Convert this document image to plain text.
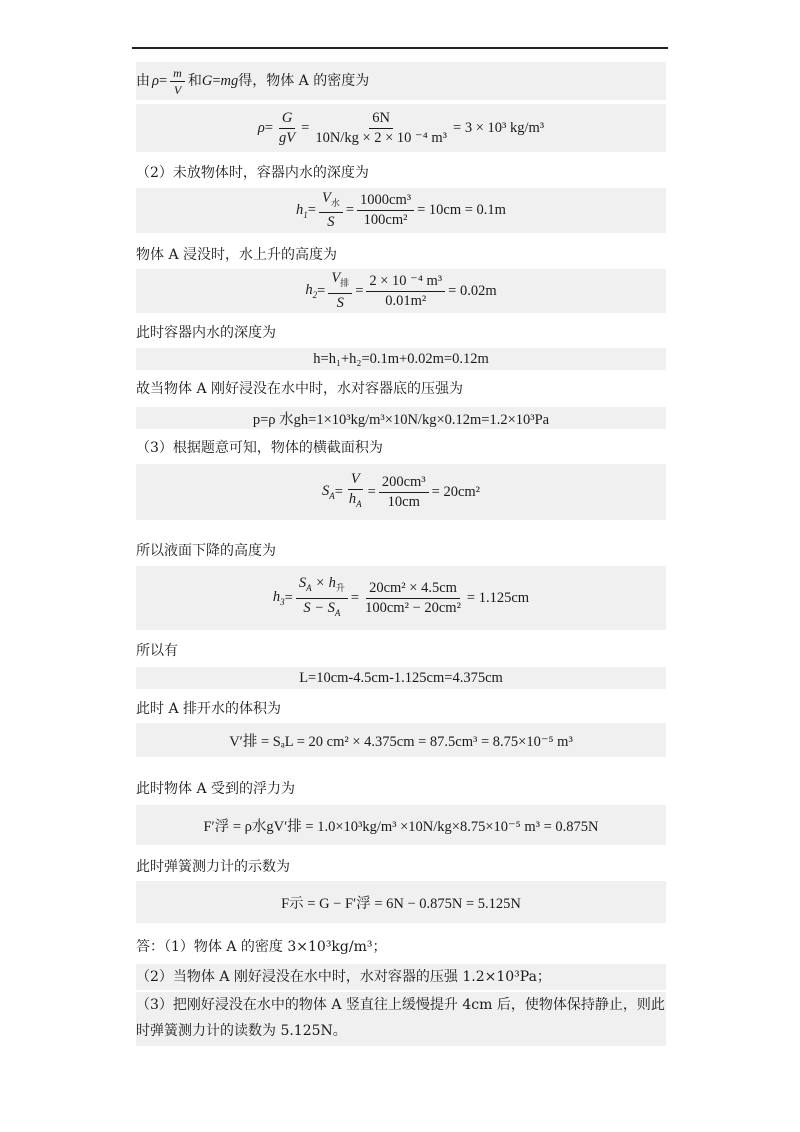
由 $\rho = \frac{m}{V}$ 和 G = mg 得，物体 A 的密度为
$\rho = \frac{G}{gV} = \frac{6N}{\text{10N/kg × 2 × 10 ⁻⁴ m³}} = 3 \times 10^3$ kg/m³
（2）未放物体时，容器内水的深度为
$h_1 = \frac{V_水}{S} = \frac{\text{1000cm³}}{\text{100cm²}} = 10cm = 0.1m$
物体 A 浸没时，水上升的高度为
$h_2 = \frac{V_排}{S} = \frac{\text{2 × 10 ⁻⁴ m³}}{\text{0.01m²}} = 0.02m$
此时容器内水的深度为
h=h₁+h₂=0.1m+0.02m=0.12m
故当物体 A 刚好浸没在水中时，水对容器底的压强为
p=ρ 水gh=1×10³kg/m³×10N/kg×0.12m=1.2×10³Pa
（3）根据题意可知，物体的横截面积为
$S_A = \frac{V}{h_A} = \frac{\text{200cm³}}{10cm} = 20cm^2$
所以液面下降的高度为
$h_3 = \frac{S_A \times h_升}{S - S_A} = \frac{\text{20cm² × 4.5cm}}{\text{100cm² − 20cm²}} = 1.125cm$
所以有
L=10cm-4.5cm-1.125cm=4.375cm
此时 A 排开水的体积为
V′排 = SₐL = 20 cm² × 4.375cm = 87.5cm³ = 8.75×10⁻⁵ m³
此时物体 A 受到的浮力为
F′浮 = ρ水gV′排 = 1.0×10³kg/m³ ×10N/kg×8.75×10⁻⁵ m³ = 0.875N
此时弹簧测力计的示数为
F示 = G − F′浮 = 6N − 0.875N = 5.125N
答：（1）物体 A 的密度 3×10³kg/m³；
（2）当物体 A 刚好浸没在水中时，水对容器的压强 1.2×10³Pa；
（3）把刚好浸没在水中的物体 A 竖直往上缓慢提升 4cm 后，使物体保持静止，则此
时弹簧测力计的读数为 5.125N。
